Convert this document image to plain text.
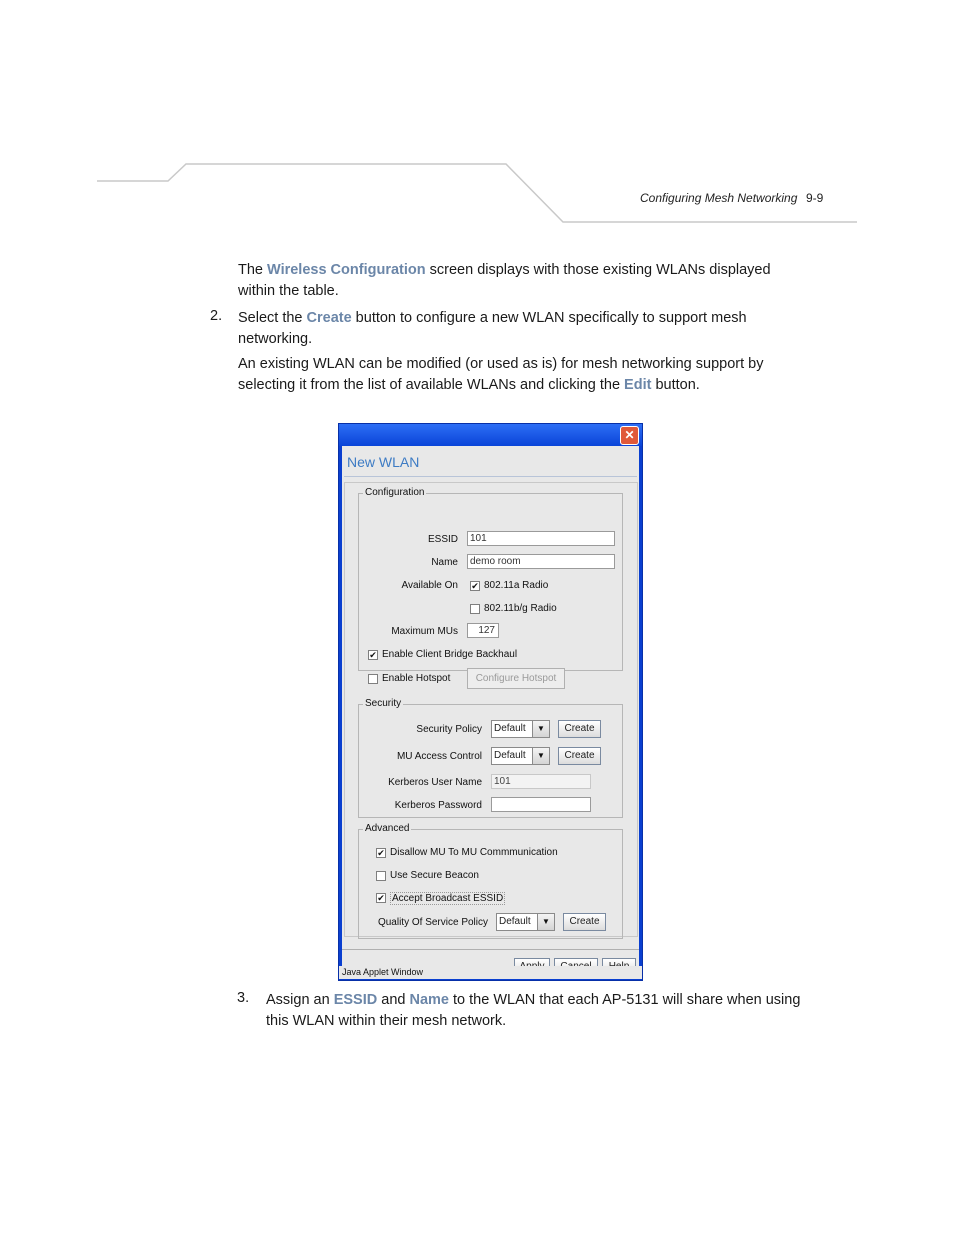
Configuring Mesh Networking 9-9
The Wireless Configuration screen displays with those existing WLANs displayed within the table.
2. Select the Create button to configure a new WLAN specifically to support mesh networking.
An existing WLAN can be modified (or used as is) for mesh networking support by selecting it from the list of available WLANs and clicking the Edit button.
✕
New WLAN
Configuration
ESSID	101
Name	demo room
Available On ✔ 802.11a Radio
802.11b/g Radio
Maximum MUs	127
✔ Enable Client Bridge Backhaul
Enable Hotspot	Configure Hotspot
Security
Security Policy	Default	▼	Create
MU Access Control	Default	▼	Create
Kerberos User Name	101
Kerberos Password
Advanced
✔ Disallow MU To MU Commmunication
Use Secure Beacon
✔ Accept Broadcast ESSID
Quality Of Service Policy	Default	▼	Create
Java Applet Window
3. Assign an ESSID and Name to the WLAN that each AP-5131 will share when using this WLAN within their mesh network.
